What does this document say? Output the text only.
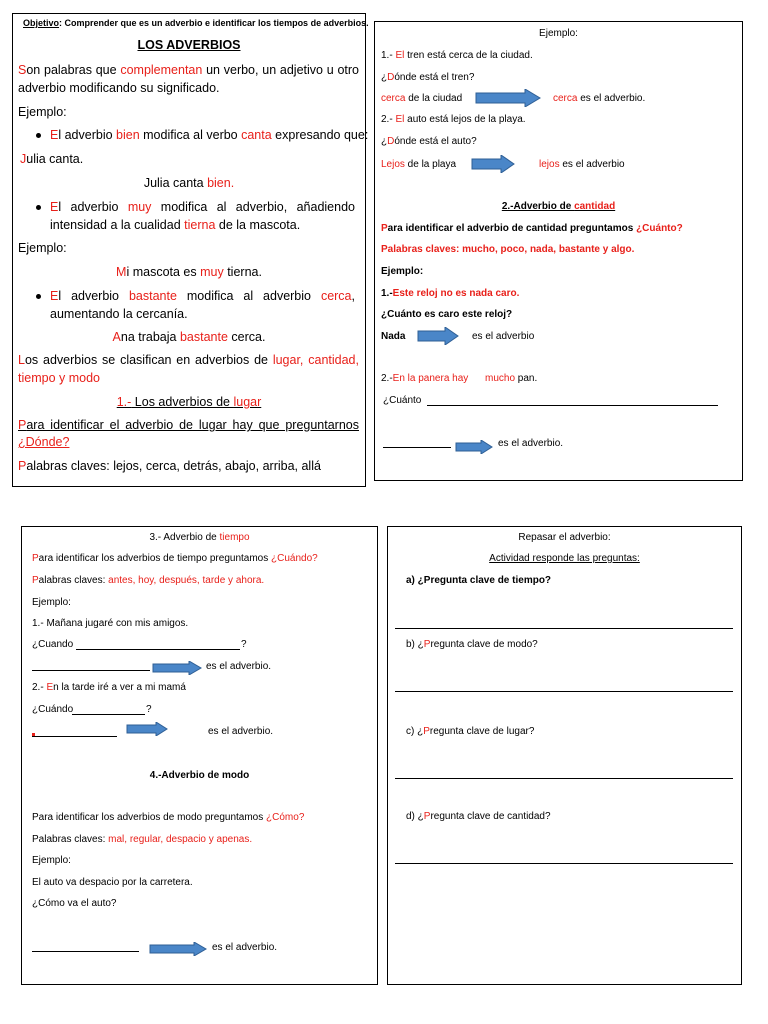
Objetivo: Comprender que es un adverbio e identificar los tiempos de adverbios.
LOS ADVERBIOS
Son palabras que complementan un verbo, un adjetivo u otro
adverbio modificando su significado.
Ejemplo:
El adverbio bien modifica al verbo canta expresando que:
Julia canta.
Julia canta bien.
El adverbio muy modifica al adverbio, añadiendo
intensidad a la cualidad tierna de la mascota.
Ejemplo:
Mi mascota es muy tierna.
El adverbio bastante modifica al adverbio cerca,
aumentando la cercanía.
Ana trabaja bastante cerca.
Los adverbios se clasifican en adverbios de lugar, cantidad,
tiempo y modo
1.- Los adverbios de lugar
Para identificar el adverbio de lugar hay que preguntarnos
¿Dónde?
Palabras claves: lejos, cerca, detrás, abajo, arriba, allá
Ejemplo:
1.- El tren está cerca de la ciudad.
¿Dónde está el tren?
cerca de la ciudad	cerca es el adverbio.
2.- El auto está lejos de la playa.
¿Dónde está el auto?
Lejos de la playa	lejos es el adverbio
2.-Adverbio de cantidad
Para identificar el adverbio de cantidad preguntamos ¿Cuánto?
Palabras claves: mucho, poco, nada, bastante y algo.
Ejemplo:
1.-Este reloj no es nada caro.
¿Cuánto es caro este reloj?
Nada	es el adverbio
2.-En la panera hay mucho pan.
¿Cuánto
es el adverbio.
3.- Adverbio de tiempo
Para identificar los adverbios de tiempo preguntamos ¿Cuándo?
Palabras claves: antes, hoy, después, tarde y ahora.
Ejemplo:
1.- Mañana jugaré con mis amigos.
¿Cuando	?
es el adverbio.
2.- En la tarde iré a ver a mi mamá
¿Cuándo	?
es el adverbio.
4.-Adverbio de modo
Para identificar los adverbios de modo preguntamos ¿Cómo?
Palabras claves: mal, regular, despacio y apenas.
Ejemplo:
El auto va despacio por la carretera.
¿Cómo va el auto?
es el adverbio.
Repasar el adverbio:
Actividad responde las preguntas:
a) ¿Pregunta clave de tiempo?
b) ¿Pregunta clave de modo?
c) ¿Pregunta clave de lugar?
d) ¿Pregunta clave de cantidad?
